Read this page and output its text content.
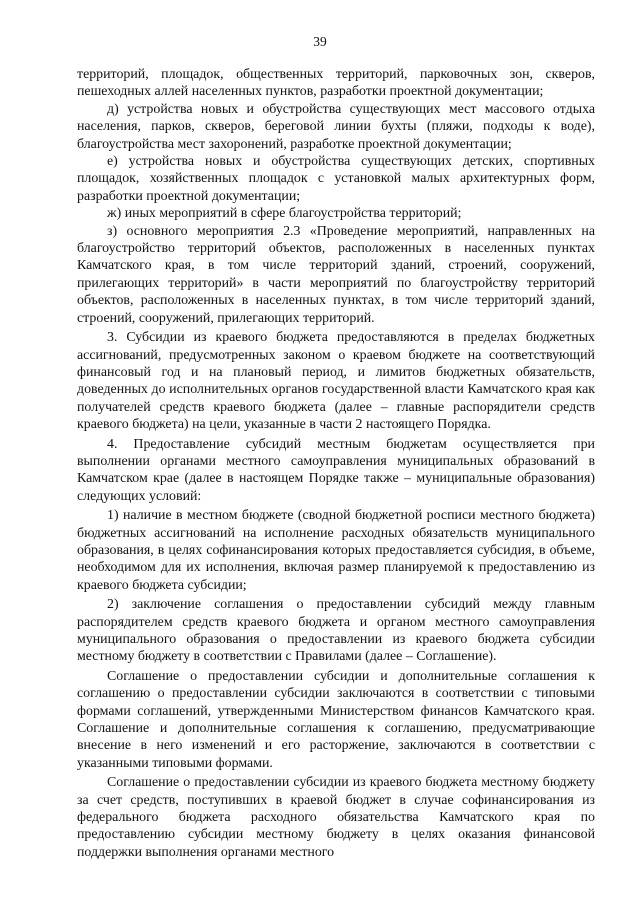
39

территорий, площадок, общественных территорий, парковочных зон, скверов, пешеходных аллей населенных пунктов, разработки проектной документации;

д) устройства новых и обустройства существующих мест массового отдыха населения, парков, скверов, береговой линии бухты (пляжи, подходы к воде), благоустройства мест захоронений, разработке проектной документации;

е) устройства новых и обустройства существующих детских, спортивных площадок, хозяйственных площадок с установкой малых архитектурных форм, разработки проектной документации;

ж) иных мероприятий в сфере благоустройства территорий;

з) основного мероприятия 2.3 «Проведение мероприятий, направленных на благоустройство территорий объектов, расположенных в населенных пунктах Камчатского края, в том числе территорий зданий, строений, сооружений, прилегающих территорий» в части мероприятий по благоустройству территорий объектов, расположенных в населенных пунктах, в том числе территорий зданий, строений, сооружений, прилегающих территорий.

3. Субсидии из краевого бюджета предоставляются в пределах бюджетных ассигнований, предусмотренных законом о краевом бюджете на соответствующий финансовый год и на плановый период, и лимитов бюджетных обязательств, доведенных до исполнительных органов государственной власти Камчатского края как получателей средств краевого бюджета (далее – главные распорядители средств краевого бюджета) на цели, указанные в части 2 настоящего Порядка.

4. Предоставление субсидий местным бюджетам осуществляется при выполнении органами местного самоуправления муниципальных образований в Камчатском крае (далее в настоящем Порядке также – муниципальные образования) следующих условий:

1) наличие в местном бюджете (сводной бюджетной росписи местного бюджета) бюджетных ассигнований на исполнение расходных обязательств муниципального образования, в целях софинансирования которых предоставляется субсидия, в объеме, необходимом для их исполнения, включая размер планируемой к предоставлению из краевого бюджета субсидии;

2) заключение соглашения о предоставлении субсидий между главным распорядителем средств краевого бюджета и органом местного самоуправления муниципального образования о предоставлении из краевого бюджета субсидии местному бюджету в соответствии с Правилами (далее – Соглашение).

Соглашение о предоставлении субсидии и дополнительные соглашения к соглашению о предоставлении субсидии заключаются в соответствии с типовыми формами соглашений, утвержденными Министерством финансов Камчатского края. Соглашение и дополнительные соглашения к соглашению, предусматривающие внесение в него изменений и его расторжение, заключаются в соответствии с указанными типовыми формами.

Соглашение о предоставлении субсидии из краевого бюджета местному бюджету за счет средств, поступивших в краевой бюджет в случае софинансирования из федерального бюджета расходного обязательства Камчатского края по предоставлению субсидии местному бюджету в целях оказания финансовой поддержки выполнения органами местного
